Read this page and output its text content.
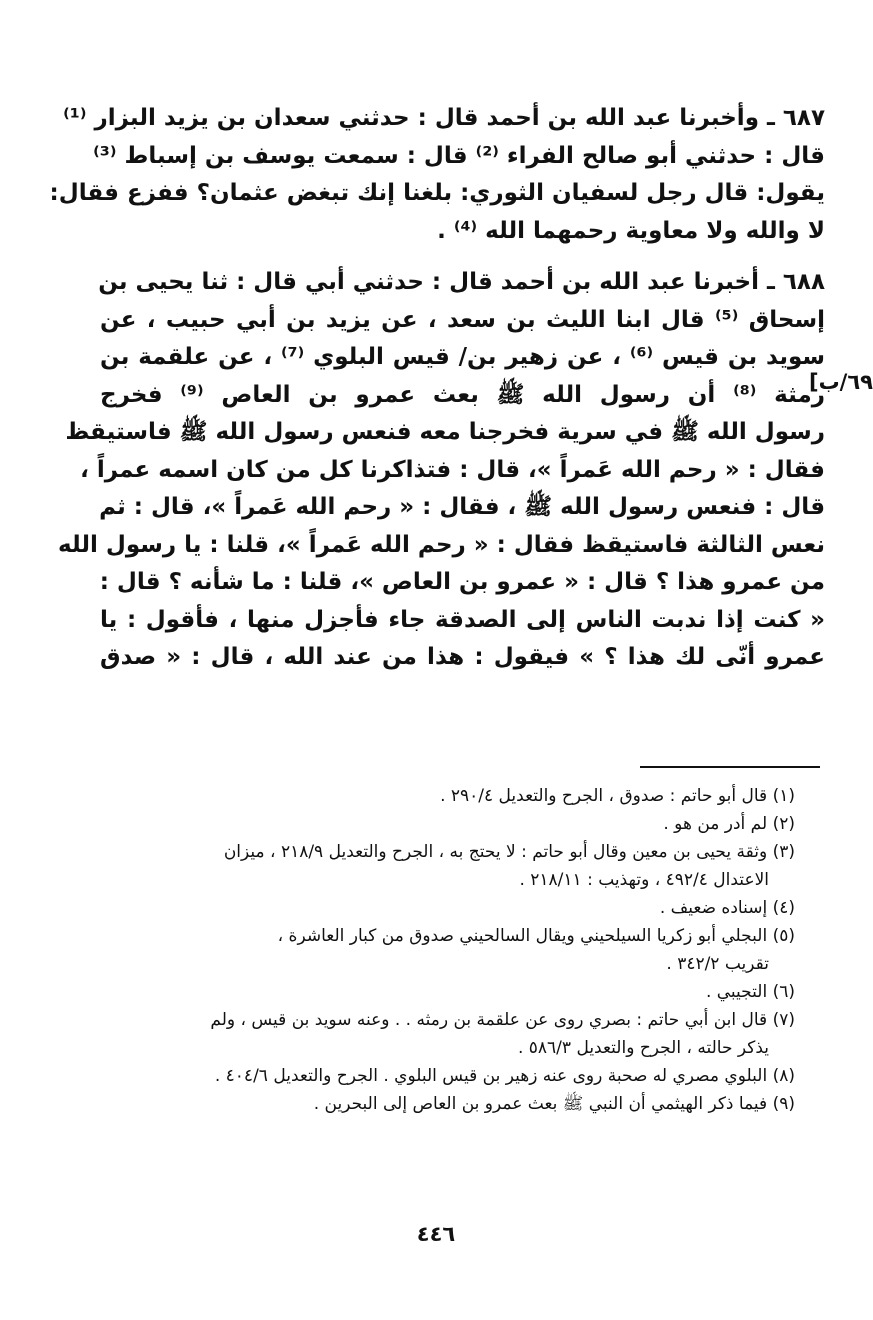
٦٨٧ ـ وأخبرنا عبد الله بن أحمد قال : حدثني سعدان بن يزيد البزار ⁽¹⁾
قال : حدثني أبو صالح الفراء ⁽²⁾ قال : سمعت يوسف بن إسباط ⁽³⁾
يقول: قال رجل لسفيان الثوري: بلغنا إنك تبغض عثمان؟ ففزع فقال:
لا والله ولا معاوية رحمهما الله ⁽⁴⁾ .
٦٨٨ ـ أخبرنا عبد الله بن أحمد قال : حدثني أبي قال : ثنا يحيى بن
إسحاق ⁽⁵⁾ قال ابنا الليث بن سعد ، عن يزيد بن أبي حبيب ، عن
سويد بن قيس ⁽⁶⁾ ، عن زهير بن/ قيس البلوي ⁽⁷⁾ ، عن علقمة بن
رمثة ⁽⁸⁾ أن رسول الله ﷺ بعث عمرو بن العاص ⁽⁹⁾ فخرج
رسول الله ﷺ في سرية فخرجنا معه فنعس رسول الله ﷺ فاستيقظ
فقال : « رحم الله عَمراً »، قال : فتذاكرنا كل من كان اسمه عمراً ،
قال : فنعس رسول الله ﷺ ، فقال : « رحم الله عَمراً »، قال : ثم
نعس الثالثة فاستيقظ فقال : « رحم الله عَمراً »، قلنا : يا رسول الله
من عمرو هذا ؟ قال : « عمرو بن العاص »، قلنا : ما شأنه ؟ قال :
« كنت إذا ندبت الناس إلى الصدقة جاء فأجزل منها ، فأقول : يا
عمرو أنّى لك هذا ؟ » فيقول : هذا من عند الله ، قال : « صدق
٦٩/ب]
(١) قال أبو حاتم : صدوق ، الجرح والتعديل ٢٩٠/٤ .
(٢) لم أدر من هو .
(٣) وثقة يحيى بن معين وقال أبو حاتم : لا يحتج به ، الجرح والتعديل ٢١٨/٩ ، ميزان
الاعتدال ٤٩٢/٤ ، وتهذيب : ٢١٨/١١ .
(٤) إسناده ضعيف .
(٥) البجلي أبو زكريا السيلحيني ويقال السالحيني صدوق من كبار العاشرة ،
تقريب ٣٤٢/٢ .
(٦) التجيبي .
(٧) قال ابن أبي حاتم : بصري روى عن علقمة بن رمثه . . وعنه سويد بن قيس ، ولم
يذكر حالته ، الجرح والتعديل ٥٨٦/٣ .
(٨) البلوي مصري له صحبة روى عنه زهير بن قيس البلوي . الجرح والتعديل ٤٠٤/٦ .
(٩) فيما ذكر الهيثمي أن النبي ﷺ بعث عمرو بن العاص إلى البحرين .
٤٤٦
